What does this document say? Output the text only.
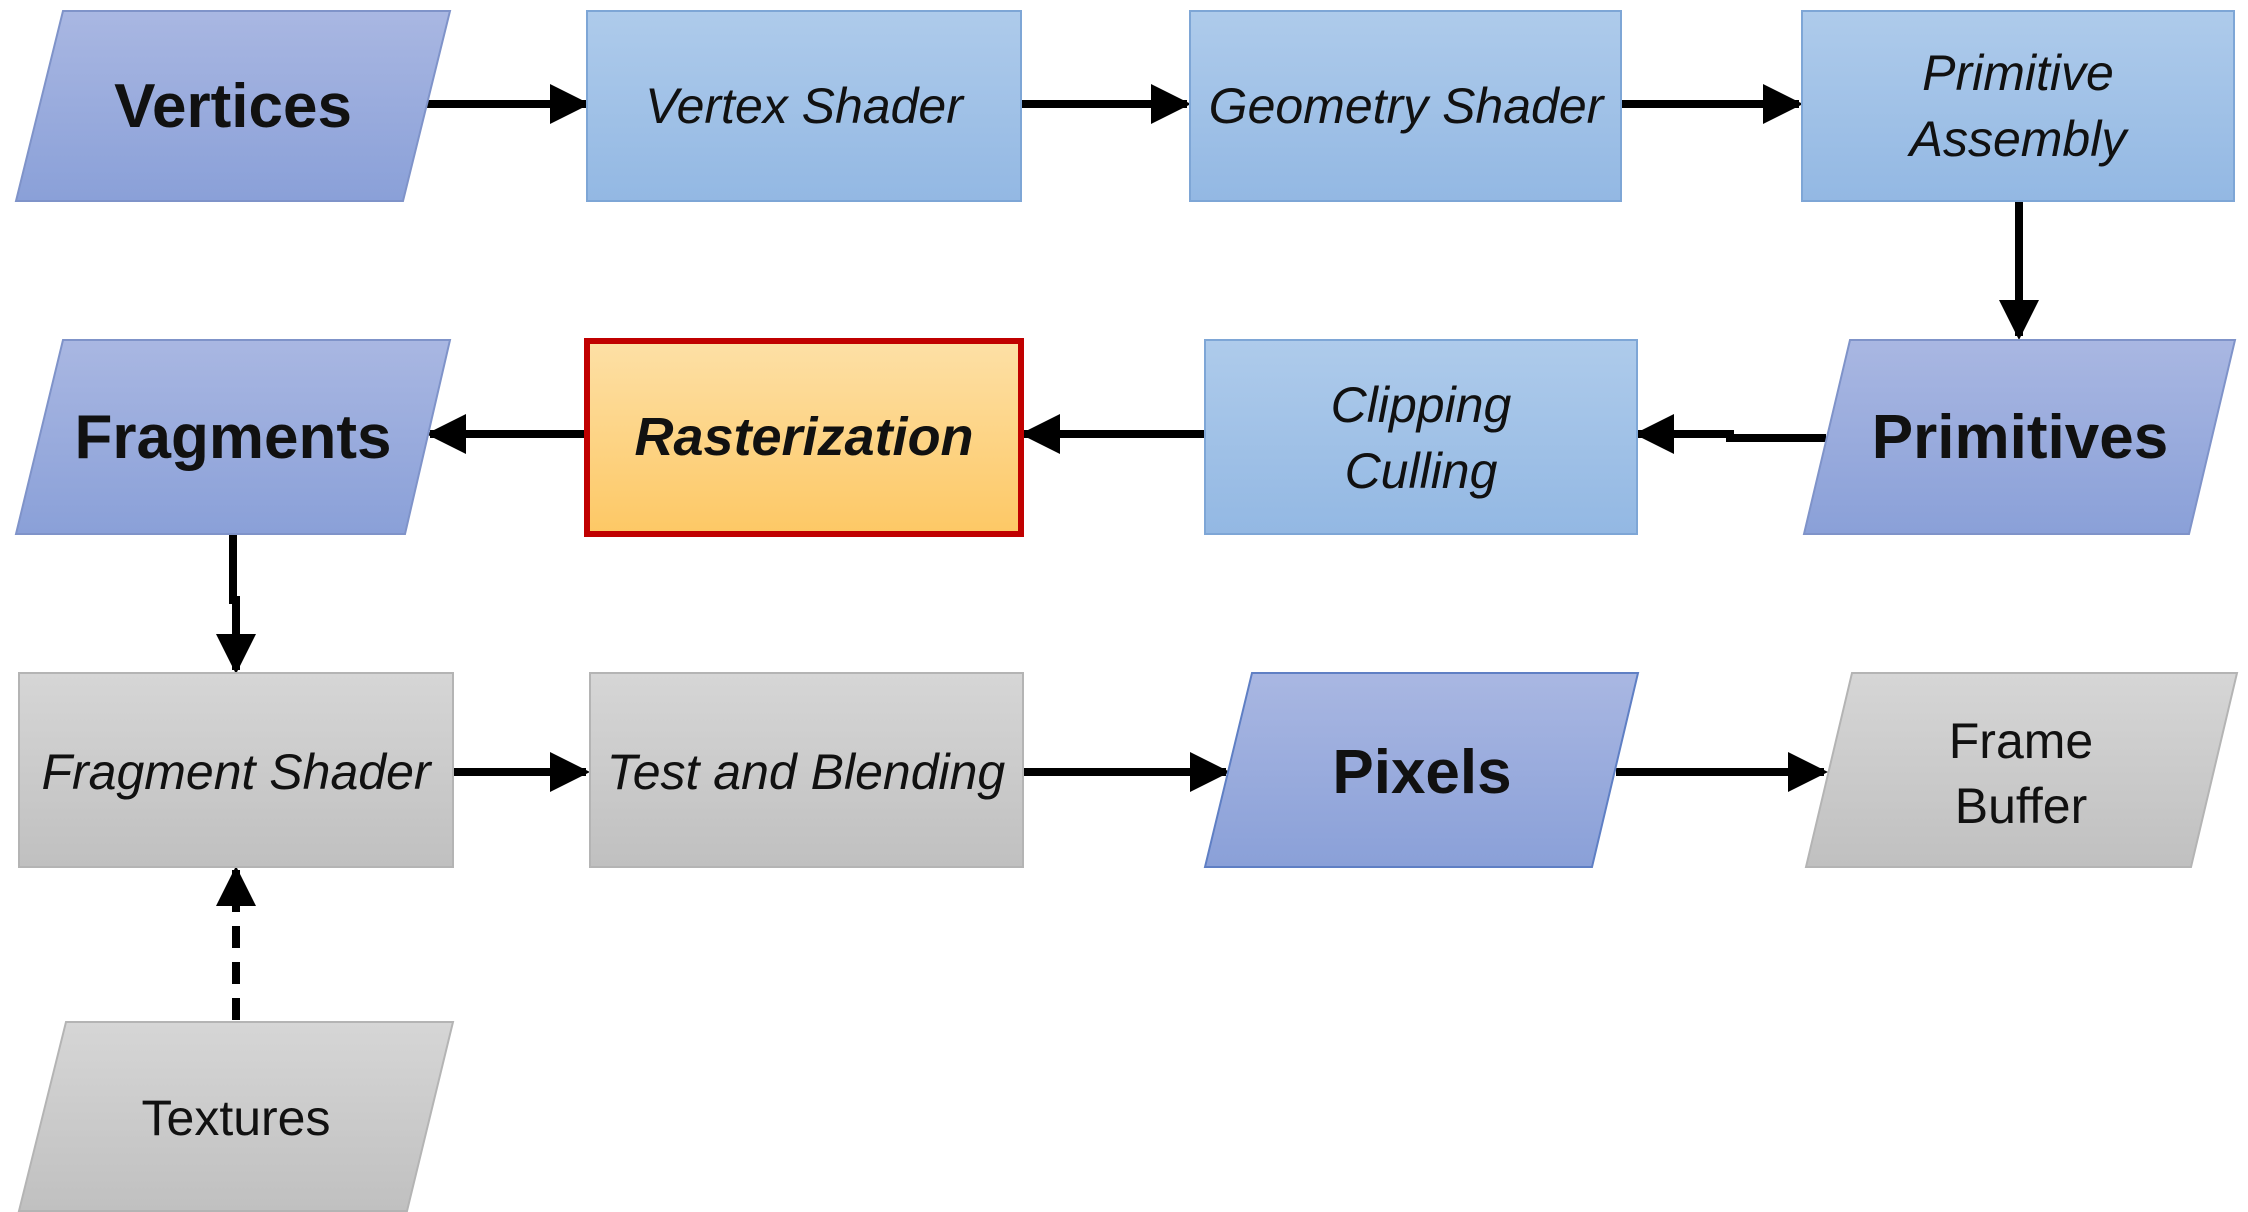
Vertices	Vertex Shader	Geometry Shader
Primitive
Assembly
Primitives
Clipping
Culling
Rasterization
Fragments
Fragment Shader	Test and Blending	Pixels	Frame
Buffer
Textures
